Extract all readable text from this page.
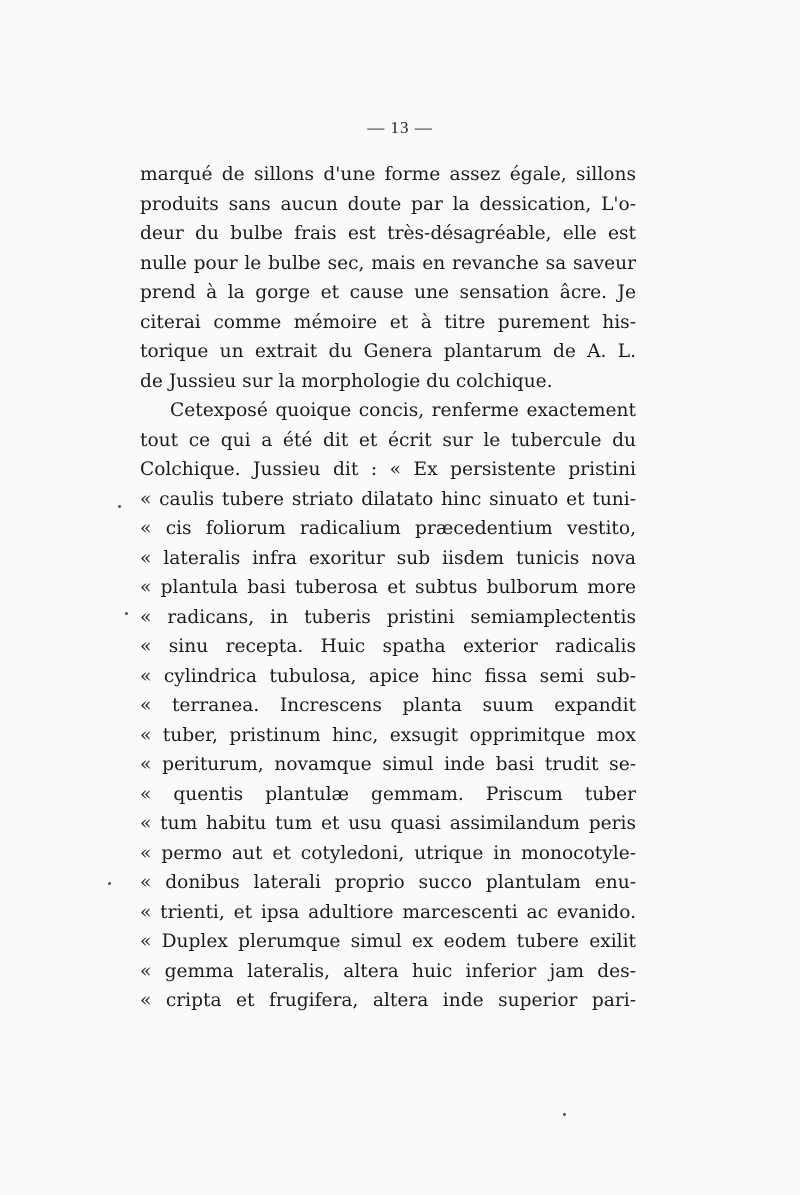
— 13 —
marqué de sillons d'une forme assez égale, sillons
produits sans aucun doute par la dessication, L'o-
deur du bulbe frais est très-désagréable, elle est
nulle pour le bulbe sec, mais en revanche sa saveur
prend à la gorge et cause une sensation âcre. Je
citerai comme mémoire et à titre purement his-
torique un extrait du Genera plantarum de A. L.
de Jussieu sur la morphologie du colchique.
Cetexposé quoique concis, renferme exactement
tout ce qui a été dit et écrit sur le tubercule du
Colchique. Jussieu dit : « Ex persistente pristini
« caulis tubere striato dilatato hinc sinuato et tuni-
« cis foliorum radicalium præcedentium vestito,
« lateralis infra exoritur sub iisdem tunicis nova
« plantula basi tuberosa et subtus bulborum more
« radicans, in tuberis pristini semiamplectentis
« sinu recepta. Huic spatha exterior radicalis
« cylindrica tubulosa, apice hinc fissa semi sub-
« terranea. Increscens planta suum expandit
« tuber, pristinum hinc, exsugit opprimitque mox
« periturum, novamque simul inde basi trudit se-
« quentis plantulæ gemmam. Priscum tuber
« tum habitu tum et usu quasi assimilandum peris
« permo aut et cotyledoni, utrique in monocotyle-
« donibus laterali proprio succo plantulam enu-
« trienti, et ipsa adultiore marcescenti ac evanido.
« Duplex plerumque simul ex eodem tubere exilit
« gemma lateralis, altera huic inferior jam des-
« cripta et frugifera, altera inde superior pari-
